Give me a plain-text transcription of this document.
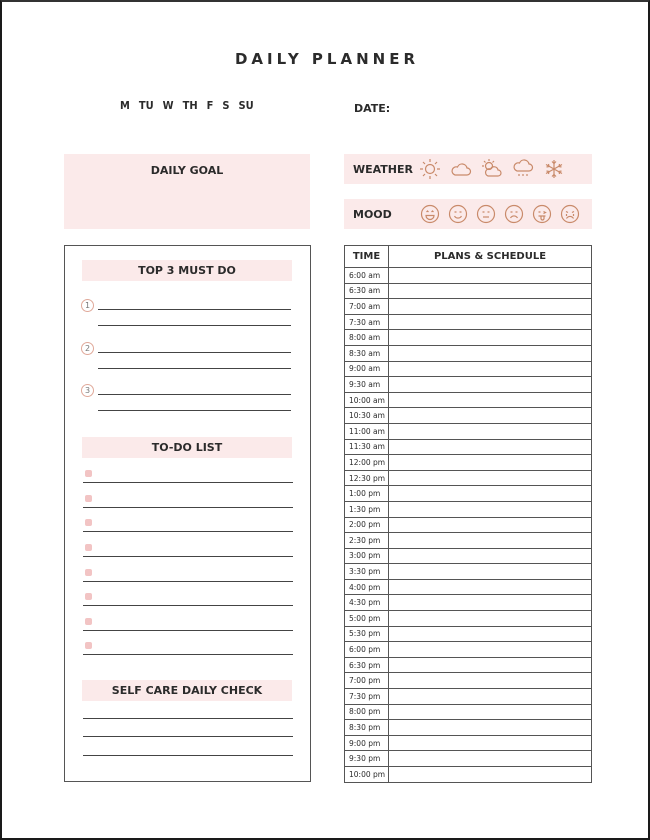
DAILY PLANNER
M TU W TH F S SU	DATE:
DAILY GOAL	WEATHER
MOOD
TOP 3 MUST DO
1
2
3
TO-DO LIST
SELF CARE DAILY CHECK
TIME	PLANS & SCHEDULE
6:00 am	
6:30 am	
7:00 am	
7:30 am	
8:00 am	
8:30 am	
9:00 am	
9:30 am	
10:00 am	
10:30 am	
11:00 am	
11:30 am	
12:00 pm	
12:30 pm	
1:00 pm	
1:30 pm	
2:00 pm	
2:30 pm	
3:00 pm	
3:30 pm	
4:00 pm	
4:30 pm	
5:00 pm	
5:30 pm	
6:00 pm	
6:30 pm	
7:00 pm	
7:30 pm	
8:00 pm	
8:30 pm	
9:00 pm	
9:30 pm	
10:00 pm	
